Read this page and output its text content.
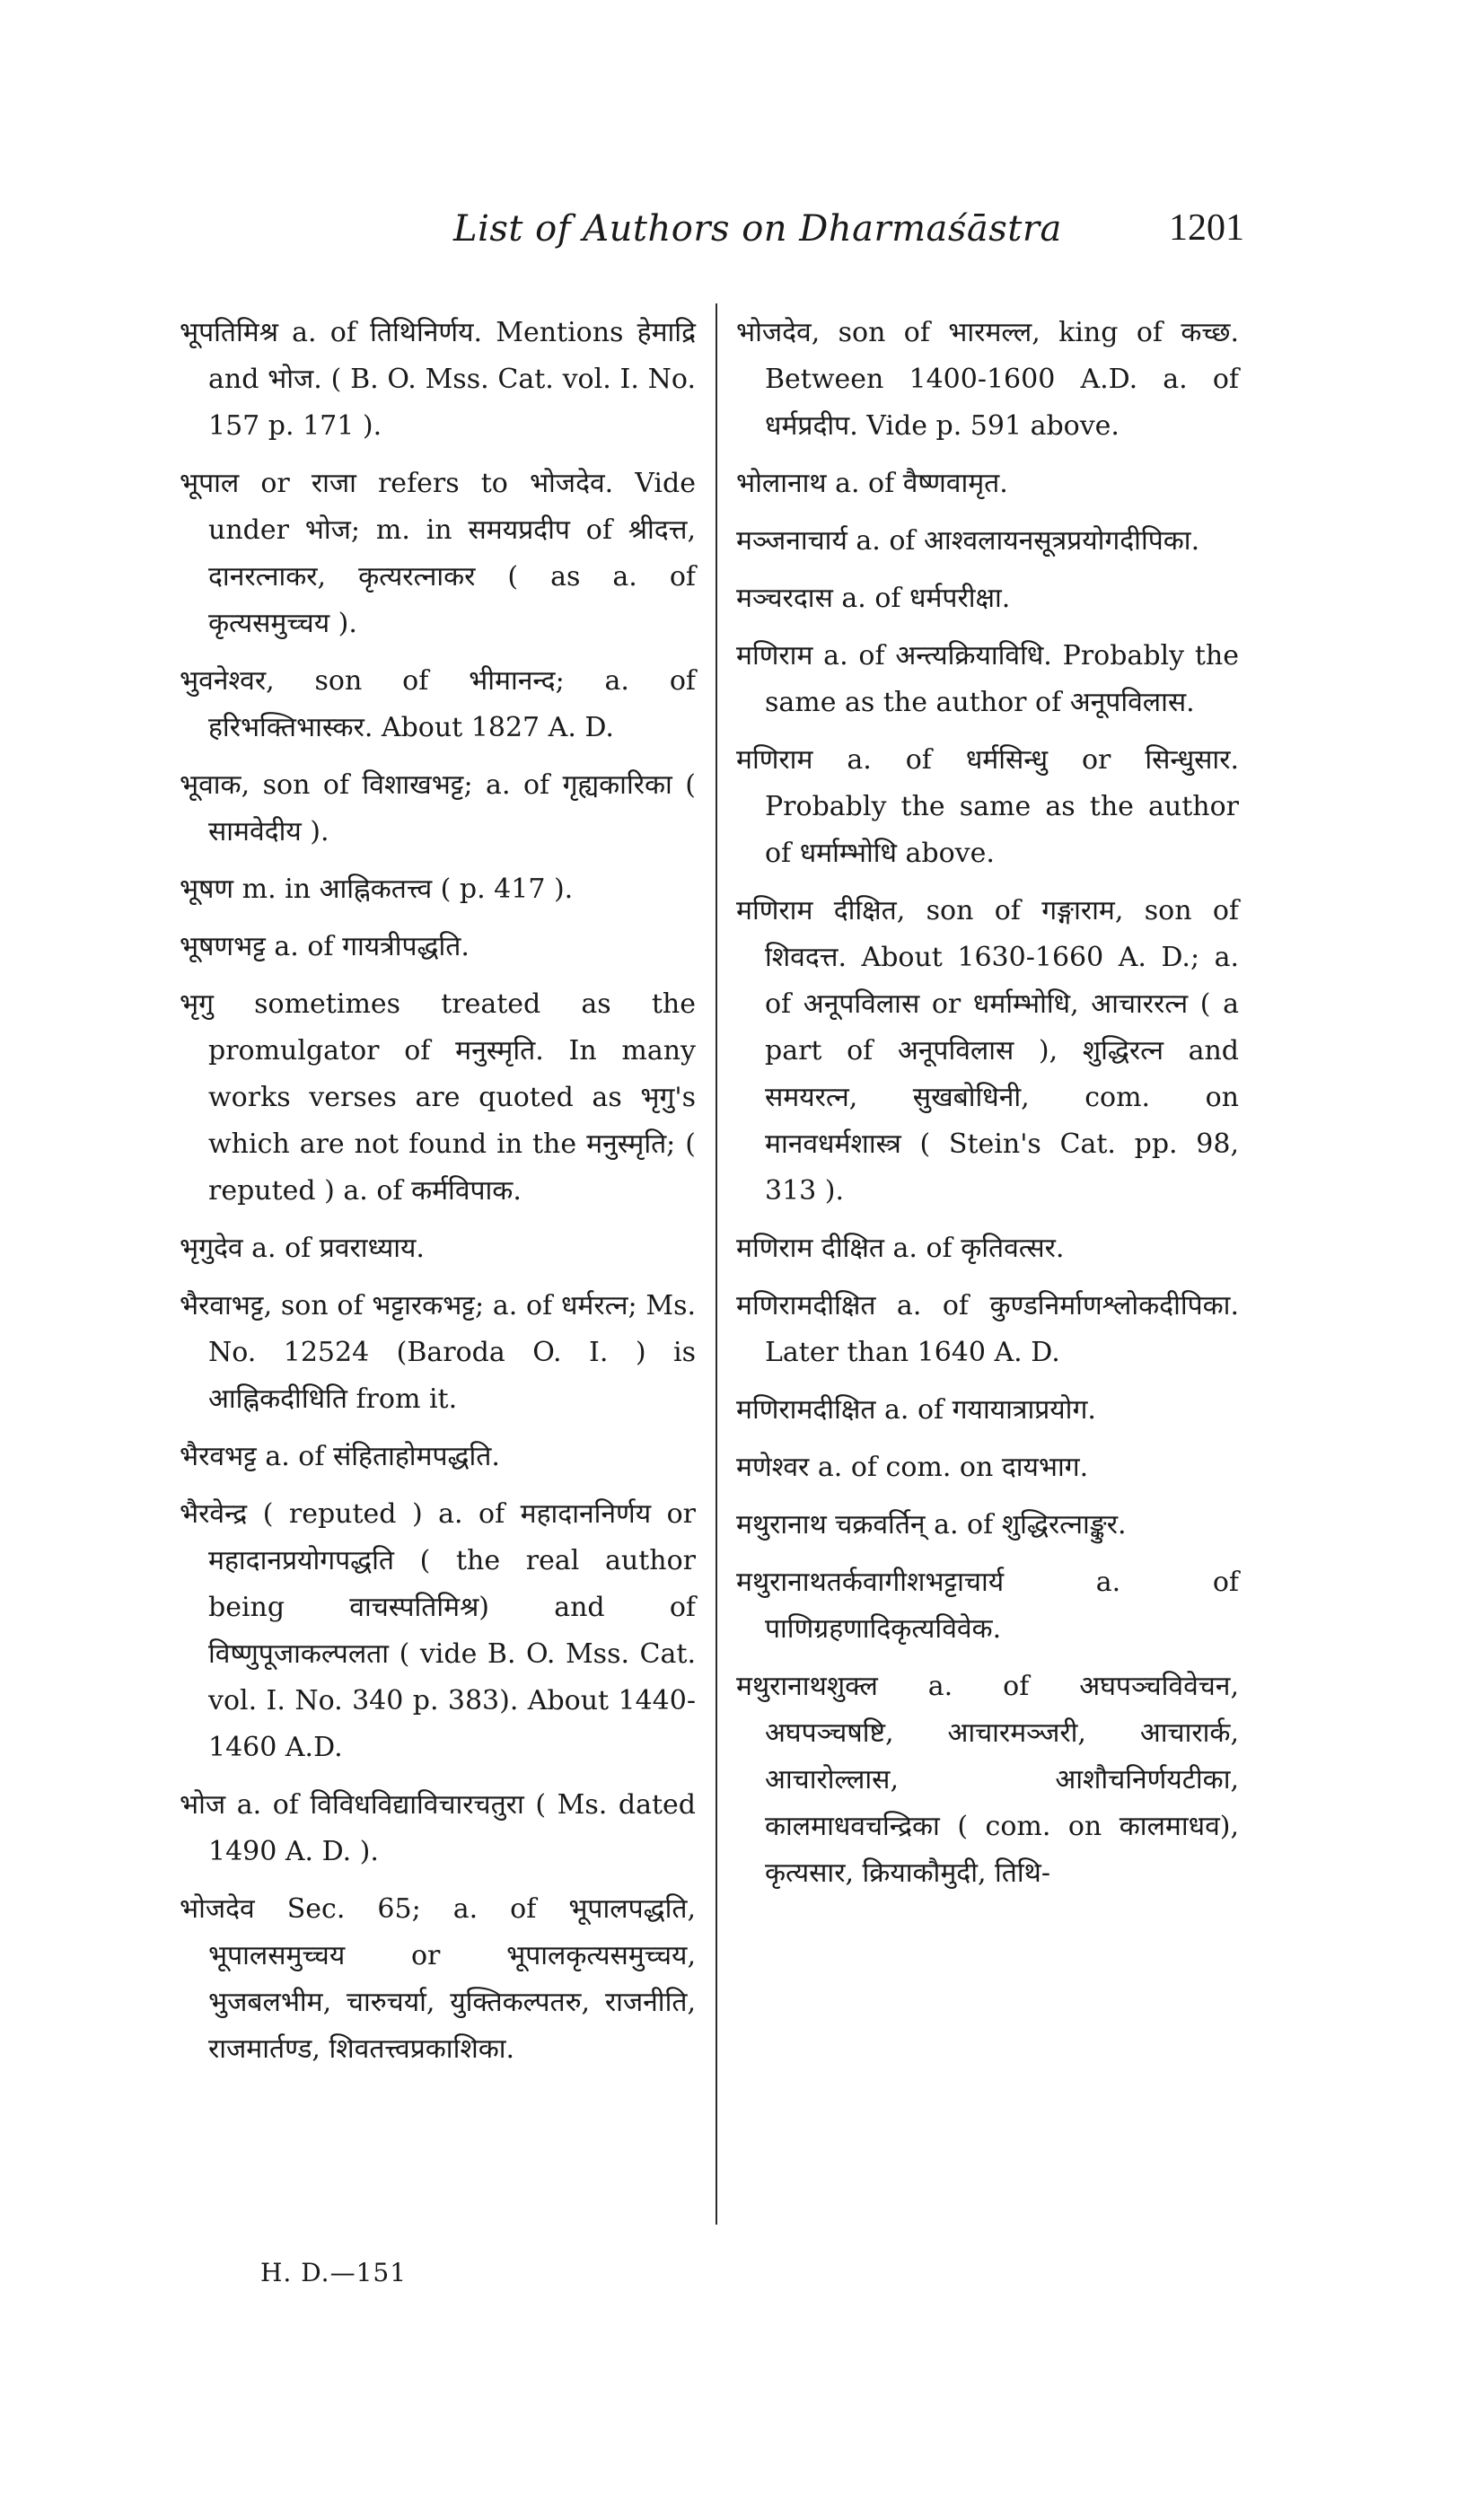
List of Authors on Dharmaśāstra	1201

भूपतिमिश्र a. of तिथिनिर्णय. Mentions हेमाद्रि and भोज. ( B. O. Mss. Cat. vol. I. No. 157 p. 171 ).

भूपाल or राजा refers to भोजदेव. Vide under भोज; m. in समयप्रदीप of श्रीदत्त, दानरत्नाकर, कृत्यरत्नाकर ( as a. of कृत्यसमुच्चय ).

भुवनेश्वर, son of भीमानन्द; a. of हरिभक्तिभास्कर. About 1827 A. D.

भूवाक, son of विशाखभट्ट; a. of गृह्यकारिका ( सामवेदीय ).

भूषण m. in आह्निकतत्त्व ( p. 417 ).

भूषणभट्ट a. of गायत्रीपद्धति.

भृगु sometimes treated as the promulgator of मनुस्मृति. In many works verses are quoted as भृगु's which are not found in the मनुस्मृति; ( reputed ) a. of कर्मविपाक.

भृगुदेव a. of प्रवराध्याय.

भैरवाभट्ट, son of भट्टारकभट्ट; a. of धर्मरत्न; Ms. No. 12524 (Baroda O. I. ) is आह्निकदीधिति from it.

भैरवभट्ट a. of संहिताहोमपद्धति.

भैरवेन्द्र ( reputed ) a. of महादाननिर्णय or महादानप्रयोगपद्धति ( the real author being वाचस्पतिमिश्र) and of विष्णुपूजाकल्पलता ( vide B. O. Mss. Cat. vol. I. No. 340 p. 383). About 1440-1460 A.D.

भोज a. of विविधविद्याविचारचतुरा ( Ms. dated 1490 A. D. ).

भोजदेव Sec. 65; a. of भूपालपद्धति, भूपालसमुच्चय or भूपालकृत्यसमुच्चय, भुजबलभीम, चारुचर्या, युक्तिकल्पतरु, राजनीति, राजमार्तण्ड, शिवतत्त्वप्रकाशिका.

भोजदेव, son of भारमल्ल, king of कच्छ. Between 1400-1600 A.D. a. of धर्मप्रदीप. Vide p. 591 above.

भोलानाथ a. of वैष्णवामृत.

मञ्जनाचार्य a. of आश्वलायनसूत्रप्रयोगदीपिका.

मञ्चरदास a. of धर्मपरीक्षा.

मणिराम a. of अन्त्यक्रियाविधि. Probably the same as the author of अनूपविलास.

मणिराम a. of धर्मसिन्धु or सिन्धुसार. Probably the same as the author of धर्माम्भोधि above.

मणिराम दीक्षित, son of गङ्गाराम, son of शिवदत्त. About 1630-1660 A. D.; a. of अनूपविलास or धर्माम्भोधि, आचाररत्न ( a part of अनूपविलास ), शुद्धिरत्न and समयरत्न, सुखबोधिनी, com. on मानवधर्मशास्त्र ( Stein's Cat. pp. 98, 313 ).

मणिराम दीक्षित a. of कृतिवत्सर.

मणिरामदीक्षित a. of कुण्डनिर्माणश्लोकदीपिका. Later than 1640 A. D.

मणिरामदीक्षित a. of गयायात्राप्रयोग.

मणेश्वर a. of com. on दायभाग.

मथुरानाथ चक्रवर्तिन् a. of शुद्धिरत्नाङ्कुर.

मथुरानाथतर्कवागीशभट्टाचार्य a. of पाणिग्रहणादिकृत्यविवेक.

मथुरानाथशुक्ल a. of अघपञ्चविवेचन, अघपञ्चषष्टि, आचारमञ्जरी, आचारार्क, आचारोल्लास, आशौचनिर्णयटीका, कालमाधवचन्द्रिका ( com. on कालमाधव), कृत्यसार, क्रियाकौमुदी, तिथि-

H. D.—151
